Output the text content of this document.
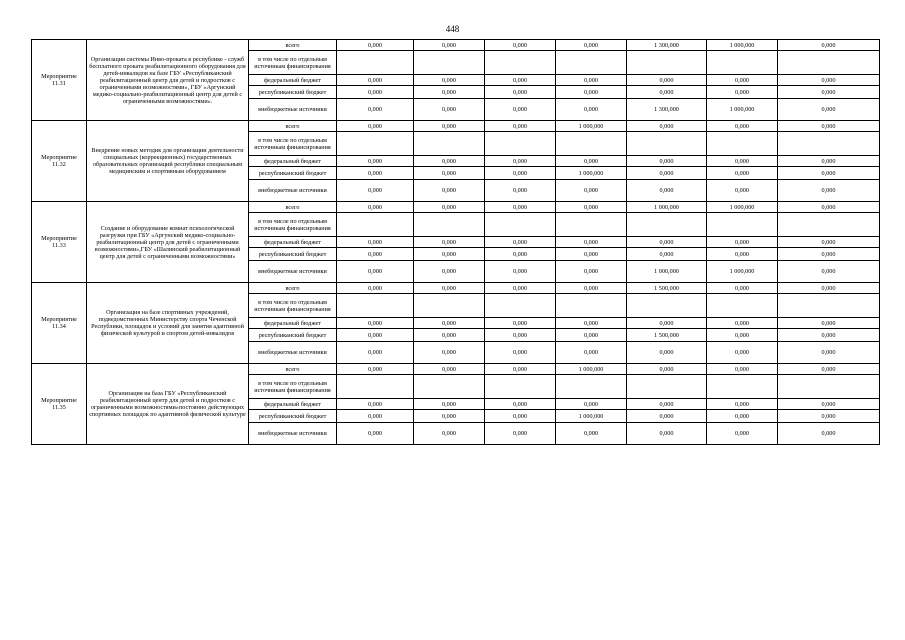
448
Мероприятие 11.31	Организация системы Инво-проката в республике - служб бесплатного проката реабилитационного оборудования для детей-инвалидов на базе ГБУ «Республиканский реабилитационный центр для детей и подростков с ограниченными возможностями», ГБУ «Аргунский медико-социально-реабилитационный центр для детей с ограниченными возможностями».	всего	0,000	0,000	0,000	0,000	1 300,000	1 000,000	0,000
		в том числе по отдельным источникам финансирования							
		федеральный бюджет	0,000	0,000	0,000	0,000	0,000	0,000	0,000
		республиканский бюджет	0,000	0,000	0,000	0,000	0,000	0,000	0,000
		внебюджетные источники	0,000	0,000	0,000	0,000	1 300,000	1 000,000	0,000
Мероприятие 11.32	Внедрение новых методик для организации деятельности специальных (коррекционных) государственных образовательных организаций республики специальным медицинским и спортивным оборудованием	всего	0,000	0,000	0,000	1 000,000	0,000	0,000	0,000
		в том числе по отдельным источникам финансирования							
		федеральный бюджет	0,000	0,000	0,000	0,000	0,000	0,000	0,000
		республиканский бюджет	0,000	0,000	0,000	1 000,000	0,000	0,000	0,000
		внебюджетные источники	0,000	0,000	0,000	0,000	0,000	0,000	0,000
Мероприятие 11.33	Создание и оборудование комнат психологической разгрузки при ГБУ «Аргунский медико-социально-реабилитационный центр для детей с ограниченными возможностями»,ГБУ «Шалинский реабилитационный центр для детей с ограниченными возможностями»	всего	0,000	0,000	0,000	0,000	1 000,000	1 000,000	0,000
		в том числе по отдельным источникам финансирования							
		федеральный бюджет	0,000	0,000	0,000	0,000	0,000	0,000	0,000
		республиканский бюджет	0,000	0,000	0,000	0,000	0,000	0,000	0,000
		внебюджетные источники	0,000	0,000	0,000	0,000	1 000,000	1 000,000	0,000
Мероприятие 11.34	Организация на базе спортивных учреждений, подведомственных Министерству спорта Чеченской Республики, площадок и условий для занятия адаптивной физической культурой и спортом детей-инвалидов	всего	0,000	0,000	0,000	0,000	1 500,000	0,000	0,000
		в том числе по отдельным источникам финансирования							
		федеральный бюджет	0,000	0,000	0,000	0,000	0,000	0,000	0,000
		республиканский бюджет	0,000	0,000	0,000	0,000	1 500,000	0,000	0,000
		внебюджетные источники	0,000	0,000	0,000	0,000	0,000	0,000	0,000
Мероприятие 11.35	Организация на база ГБУ «Республиканский реабилитационный центр для детей и подростков с ограниченными возможностями»постоянно действующих спортивных площадок по адаптивной физической культуре	всего	0,000	0,000	0,000	1 000,000	0,000	0,000	0,000
		в том числе по отдельным источникам финансирования							
		федеральный бюджет	0,000	0,000	0,000	0,000	0,000	0,000	0,000
		республиканский бюджет	0,000	0,000	0,000	1 000,000	0,000	0,000	0,000
		внебюджетные источники	0,000	0,000	0,000	0,000	0,000	0,000	0,000
